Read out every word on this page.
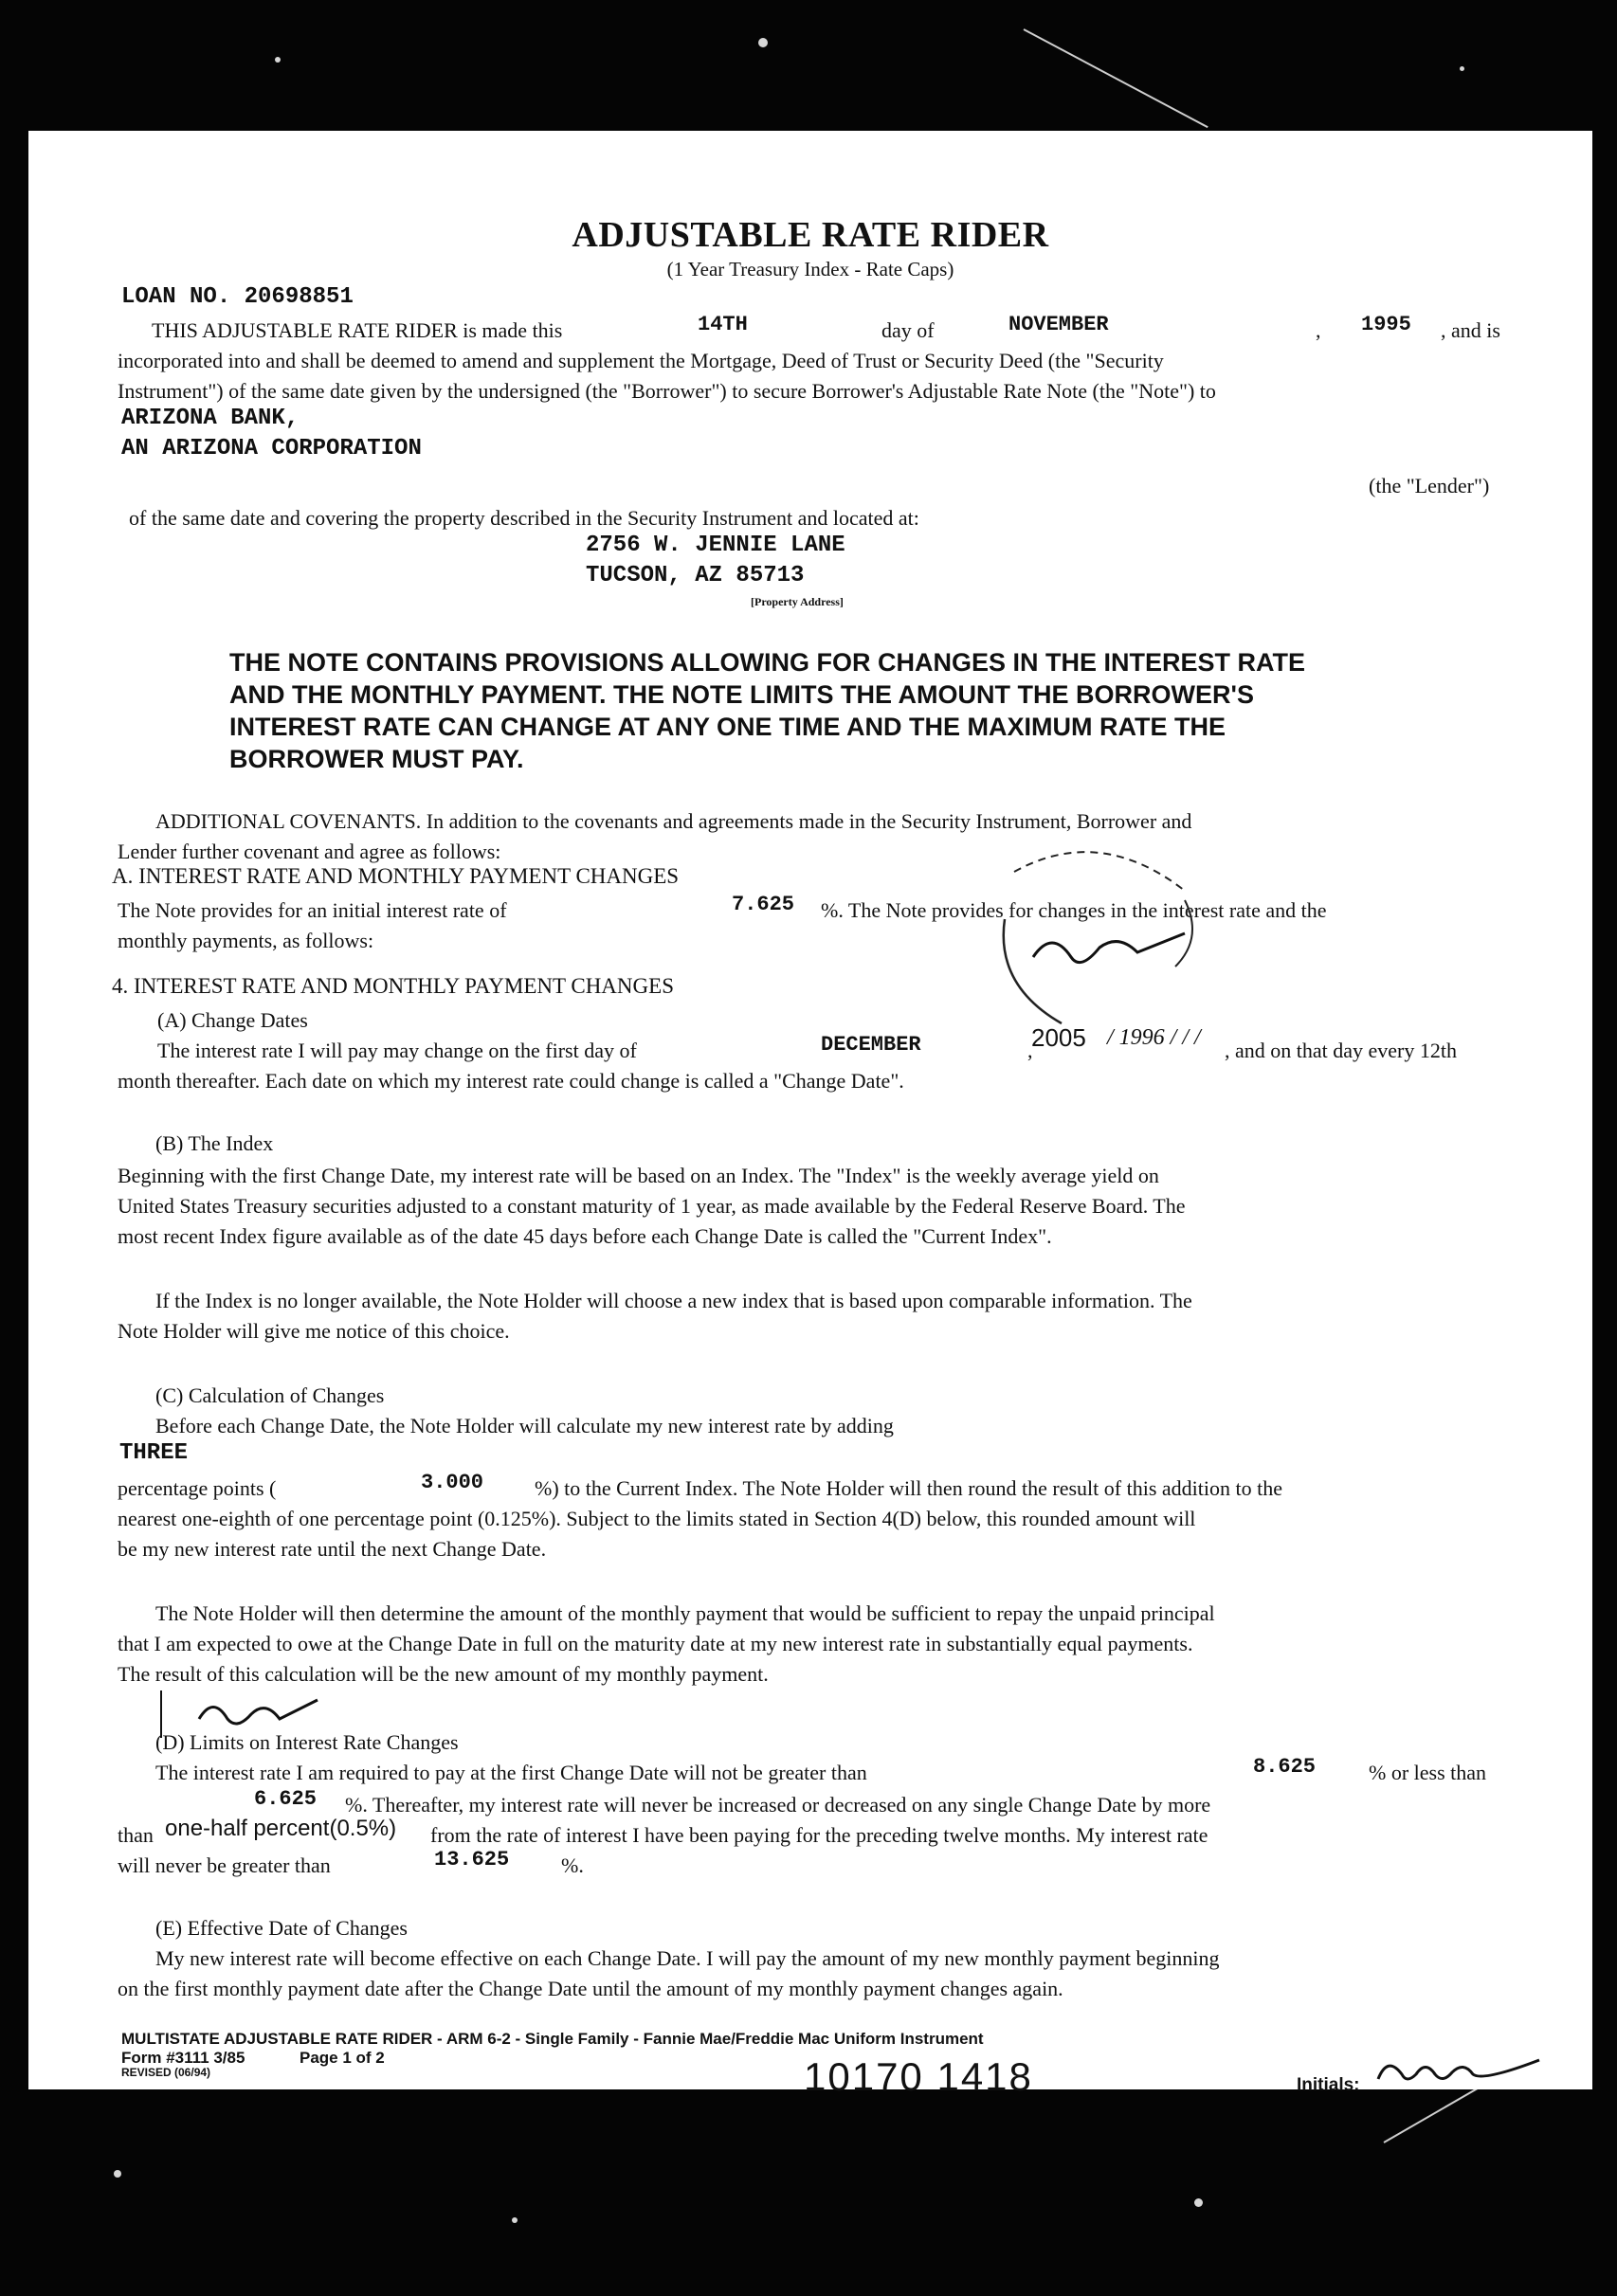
ADJUSTABLE RATE RIDER
(1 Year Treasury Index - Rate Caps)
LOAN NO. 20698851
THIS ADJUSTABLE RATE RIDER is made this	14TH	day of	NOVEMBER	, 1995 , and is
incorporated into and shall be deemed to amend and supplement the Mortgage, Deed of Trust or Security Deed (the "Security
Instrument") of the same date given by the undersigned (the "Borrower") to secure Borrower's Adjustable Rate Note (the "Note") to
ARIZONA BANK,
AN ARIZONA CORPORATION
(the "Lender")
of the same date and covering the property described in the Security Instrument and located at:
2756 W. JENNIE LANE
TUCSON, AZ 85713
[Property Address]
THE NOTE CONTAINS PROVISIONS ALLOWING FOR CHANGES IN THE INTEREST RATE
AND THE MONTHLY PAYMENT. THE NOTE LIMITS THE AMOUNT THE BORROWER'S
INTEREST RATE CAN CHANGE AT ANY ONE TIME AND THE MAXIMUM RATE THE
BORROWER MUST PAY.
ADDITIONAL COVENANTS. In addition to the covenants and agreements made in the Security Instrument, Borrower and
Lender further covenant and agree as follows:
A. INTEREST RATE AND MONTHLY PAYMENT CHANGES
The Note provides for an initial interest rate of	7.625 %. The Note provides for changes in the interest rate and the
monthly payments, as follows:
4. INTEREST RATE AND MONTHLY PAYMENT CHANGES
(A) Change Dates
The interest rate I will pay may change on the first day of	DECEMBER	,
2005 / 1996 / / /
, and on that day every 12th
month thereafter. Each date on which my interest rate could change is called a "Change Date".
(B) The Index
Beginning with the first Change Date, my interest rate will be based on an Index. The "Index" is the weekly average yield on
United States Treasury securities adjusted to a constant maturity of 1 year, as made available by the Federal Reserve Board. The
most recent Index figure available as of the date 45 days before each Change Date is called the "Current Index".
If the Index is no longer available, the Note Holder will choose a new index that is based upon comparable information. The
Note Holder will give me notice of this choice.
(C) Calculation of Changes
Before each Change Date, the Note Holder will calculate my new interest rate by adding
THREE
percentage points (	3.000 %) to the Current Index. The Note Holder will then round the result of this addition to the
nearest one-eighth of one percentage point (0.125%). Subject to the limits stated in Section 4(D) below, this rounded amount will
be my new interest rate until the next Change Date.
The Note Holder will then determine the amount of the monthly payment that would be sufficient to repay the unpaid principal
that I am expected to owe at the Change Date in full on the maturity date at my new interest rate in substantially equal payments.
The result of this calculation will be the new amount of my monthly payment.
(D) Limits on Interest Rate Changes
The interest rate I am required to pay at the first Change Date will not be greater than	8.625	% or less than
6.625 %. Thereafter, my interest rate will never be increased or decreased on any single Change Date by more
than one-half percent(0.5%) from the rate of interest I have been paying for the preceding twelve months. My interest rate
will never be greater than	13.625 %.
(E) Effective Date of Changes
My new interest rate will become effective on each Change Date. I will pay the amount of my new monthly payment beginning
on the first monthly payment date after the Change Date until the amount of my monthly payment changes again.
MULTISTATE ADJUSTABLE RATE RIDER - ARM 6-2 - Single Family - Fannie Mae/Freddie Mac Uniform Instrument
Form #3111 3/85	Page 1 of 2
REVISED (06/94)	10170 1418	Initials:
